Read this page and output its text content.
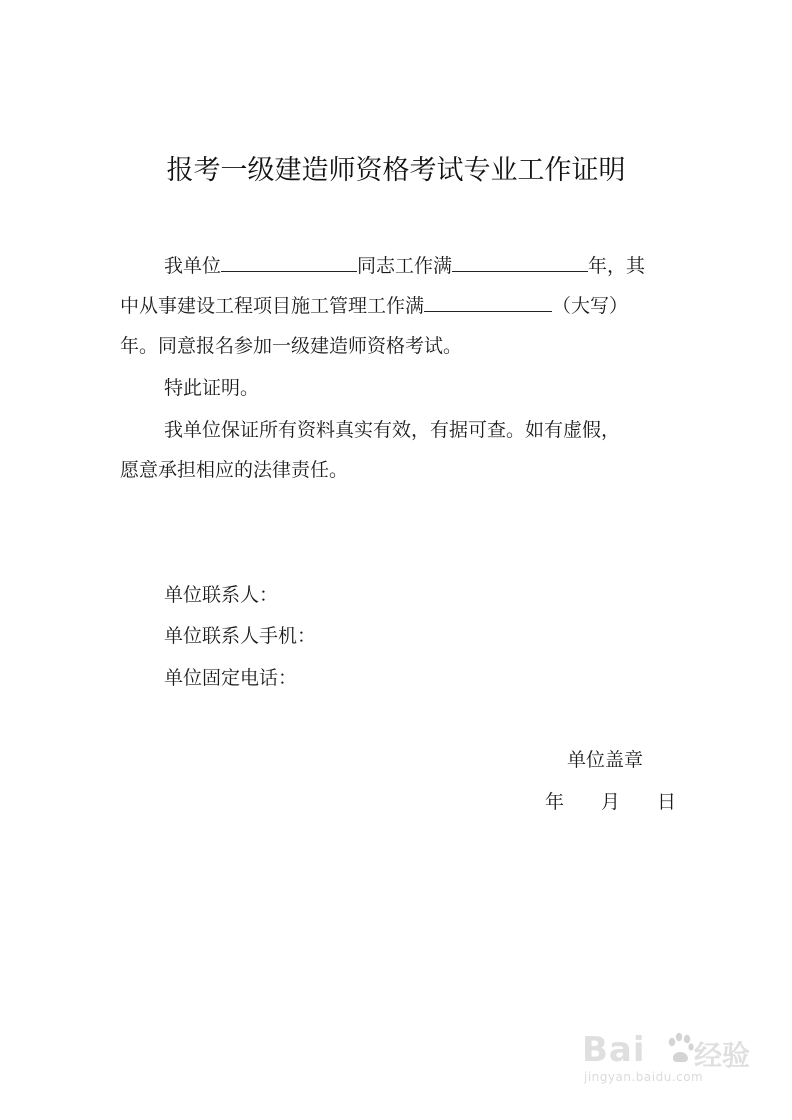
报考一级建造师资格考试专业工作证明
我单位	同志工作满	年，其
中从事建设工程项目施工管理工作满	（大写）
年。同意报名参加一级建造师资格考试。
特此证明。
我单位保证所有资料真实有效，有据可查。如有虚假，
愿意承担相应的法律责任。
单位联系人：
单位联系人手机：
单位固定电话：
单位盖章
年 月 日
Bai 经验
jingyan.baidu.com
